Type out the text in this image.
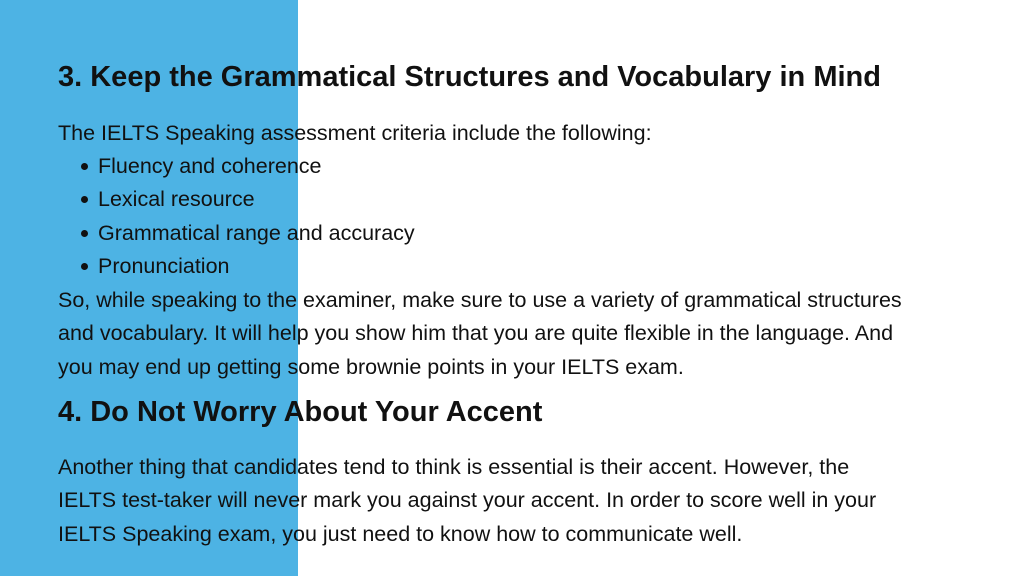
3. Keep the Grammatical Structures and Vocabulary in Mind

The IELTS Speaking assessment criteria include the following:

Fluency and coherence
Lexical resource
Grammatical range and accuracy
Pronunciation

So, while speaking to the examiner, make sure to use a variety of grammatical structures
and vocabulary. It will help you show him that you are quite flexible in the language. And
you may end up getting some brownie points in your IELTS exam.

4. Do Not Worry About Your Accent

Another thing that candidates tend to think is essential is their accent. However, the
IELTS test-taker will never mark you against your accent. In order to score well in your
IELTS Speaking exam, you just need to know how to communicate well.
